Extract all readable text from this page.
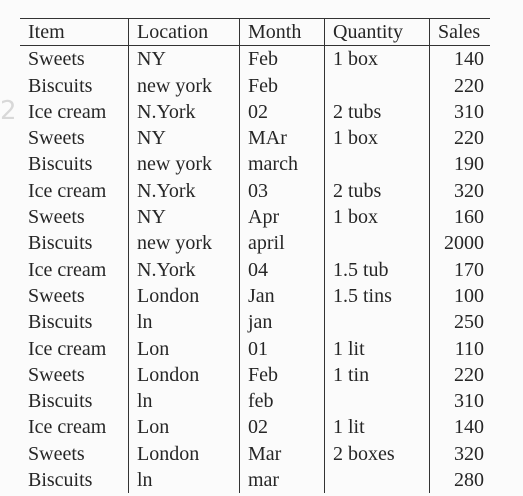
2
Item	Location	Month	Quantity	Sales
Sweets	NY	Feb	1 box	140
Biscuits	new york	Feb		220
Ice cream	N.York	02	2 tubs	310
Sweets	NY	MAr	1 box	220
Biscuits	new york	march		190
Ice cream	N.York	03	2 tubs	320
Sweets	NY	Apr	1 box	160
Biscuits	new york	april		2000
Ice cream	N.York	04	1.5 tub	170
Sweets	London	Jan	1.5 tins	100
Biscuits	ln	jan		250
Ice cream	Lon	01	1 lit	110
Sweets	London	Feb	1 tin	220
Biscuits	ln	feb		310
Ice cream	Lon	02	1 lit	140
Sweets	London	Mar	2 boxes	320
Biscuits	ln	mar		280
